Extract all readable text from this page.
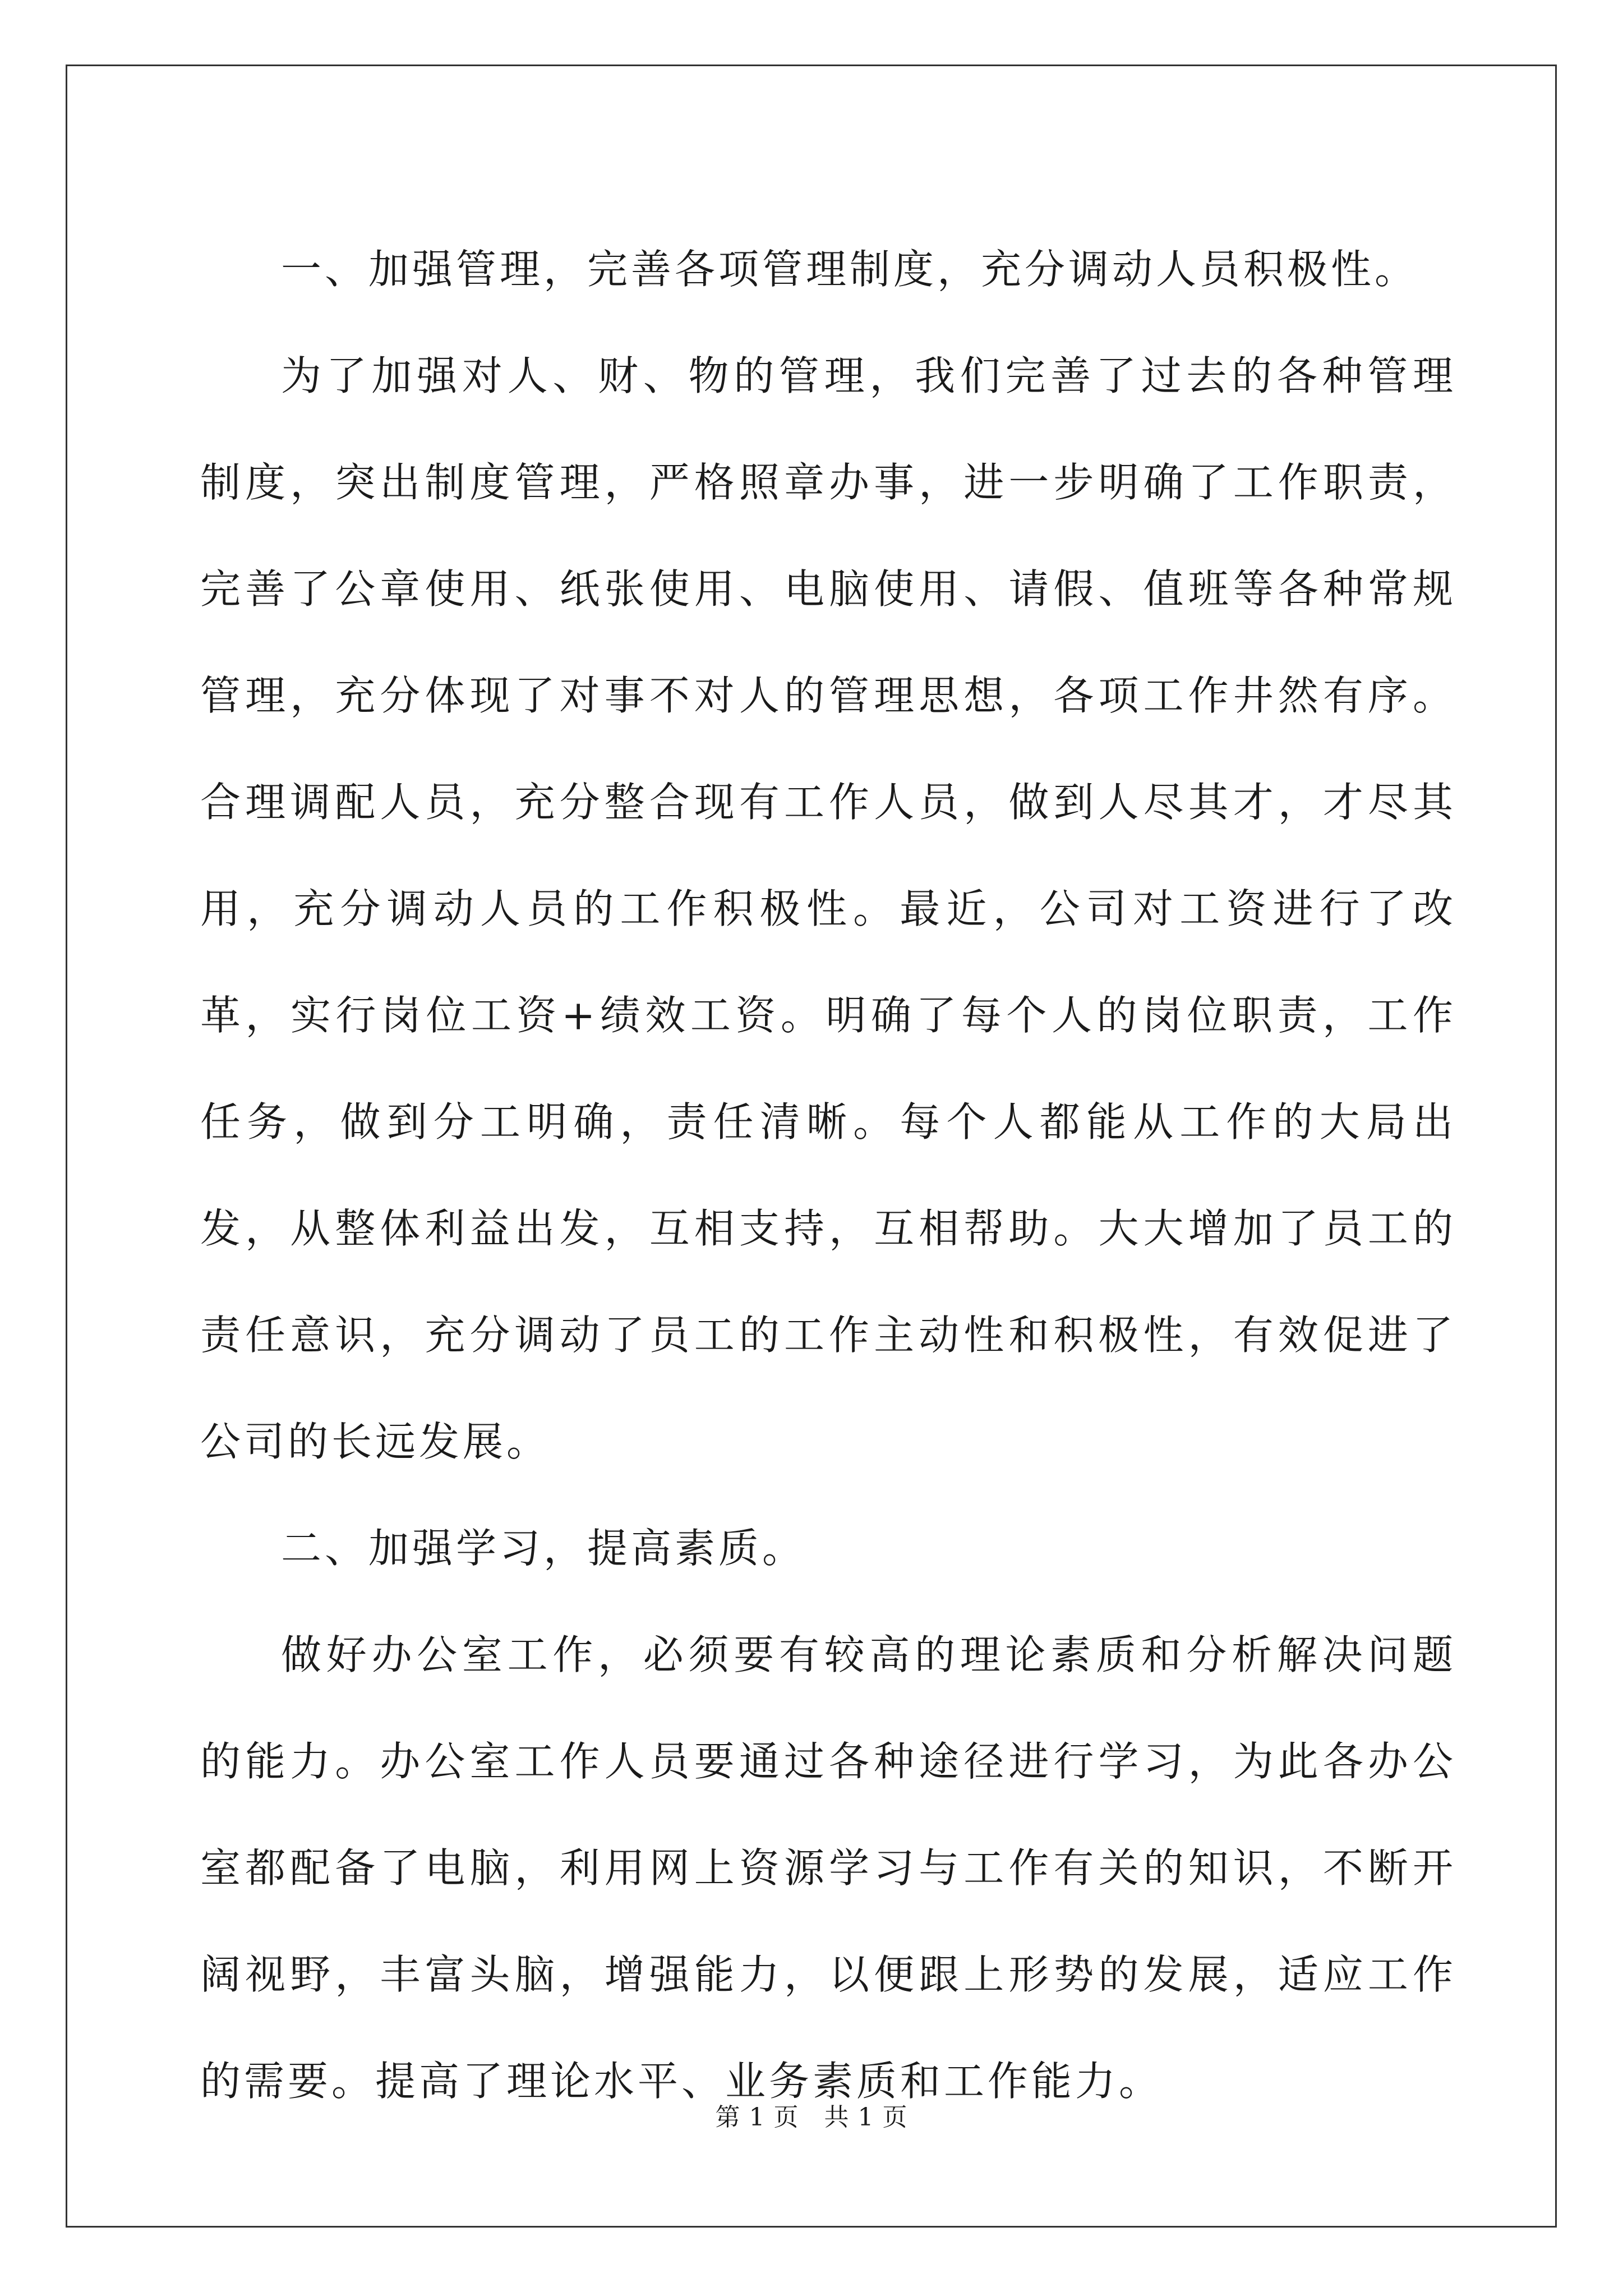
一、加强管理，完善各项管理制度，充分调动人员积极性。

为了加强对人、财、物的管理，我们完善了过去的各种管理制度，突出制度管理，严格照章办事，进一步明确了工作职责，完善了公章使用、纸张使用、电脑使用、请假、值班等各种常规管理，充分体现了对事不对人的管理思想，各项工作井然有序。合理调配人员，充分整合现有工作人员，做到人尽其才，才尽其用，充分调动人员的工作积极性。最近，公司对工资进行了改革，实行岗位工资+绩效工资。明确了每个人的岗位职责，工作任务，做到分工明确，责任清晰。每个人都能从工作的大局出发，从整体利益出发，互相支持，互相帮助。大大增加了员工的责任意识，充分调动了员工的工作主动性和积极性，有效促进了公司的长远发展。

二、加强学习，提高素质。

做好办公室工作，必须要有较高的理论素质和分析解决问题的能力。办公室工作人员要通过各种途径进行学习，为此各办公室都配备了电脑，利用网上资源学习与工作有关的知识，不断开阔视野，丰富头脑，增强能力，以便跟上形势的发展，适应工作的需要。提高了理论水平、业务素质和工作能力。

第 1 页   共 1 页
